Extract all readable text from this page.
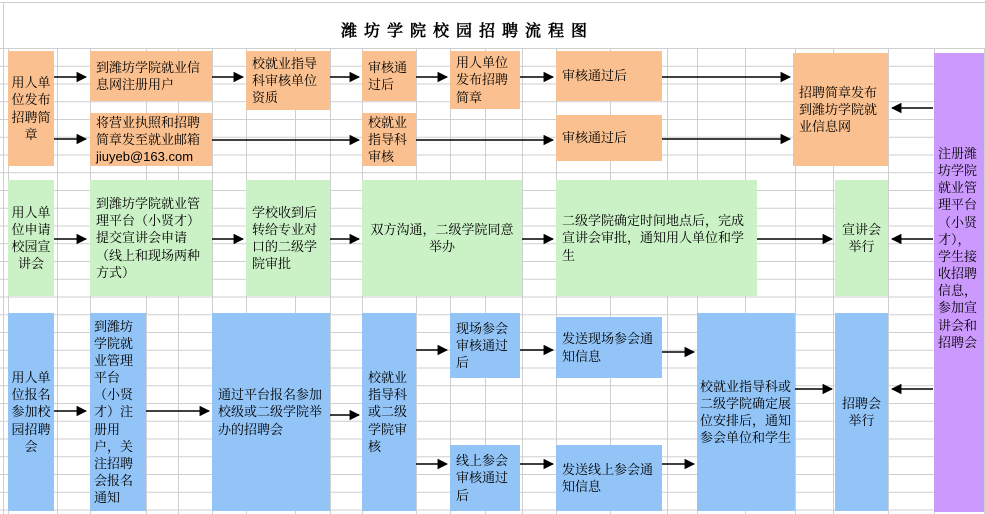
潍坊学院校园招聘流程图
用人单位发布招聘简章
到潍坊学院就业信息网注册用户
校就业指导科审核单位资质
审核通过后
用人单位发布招聘简章
审核通过后
将营业执照和招聘简章发至就业邮箱
jiuyeb@163.com
校就业指导科审核
审核通过后
招聘简章发布到潍坊学院就业信息网
用人单位申请校园宣讲会
到潍坊学院就业管理平台（小贤才）提交宣讲会申请（线上和现场两种方式）
学校收到后转给专业对口的二级学院审批
双方沟通，二级学院同意举办
二级学院确定时间地点后，完成宣讲会审批，通知用人单位和学生
宣讲会举行
用人单位报名参加校园招聘会
到潍坊学院就业管理平台（小贤才）注册用户，关注招聘会报名通知
通过平台报名参加校级或二级学院举办的招聘会
校就业指导科或二级学院审核
现场参会审核通过后
发送现场参会通知信息
线上参会审核通过后
发送线上参会通知信息
校就业指导科或二级学院确定展位安排后，通知参会单位和学生
招聘会举行
注册潍坊学院就业管理平台（小贤才），学生接收招聘信息，参加宣讲会和招聘会
